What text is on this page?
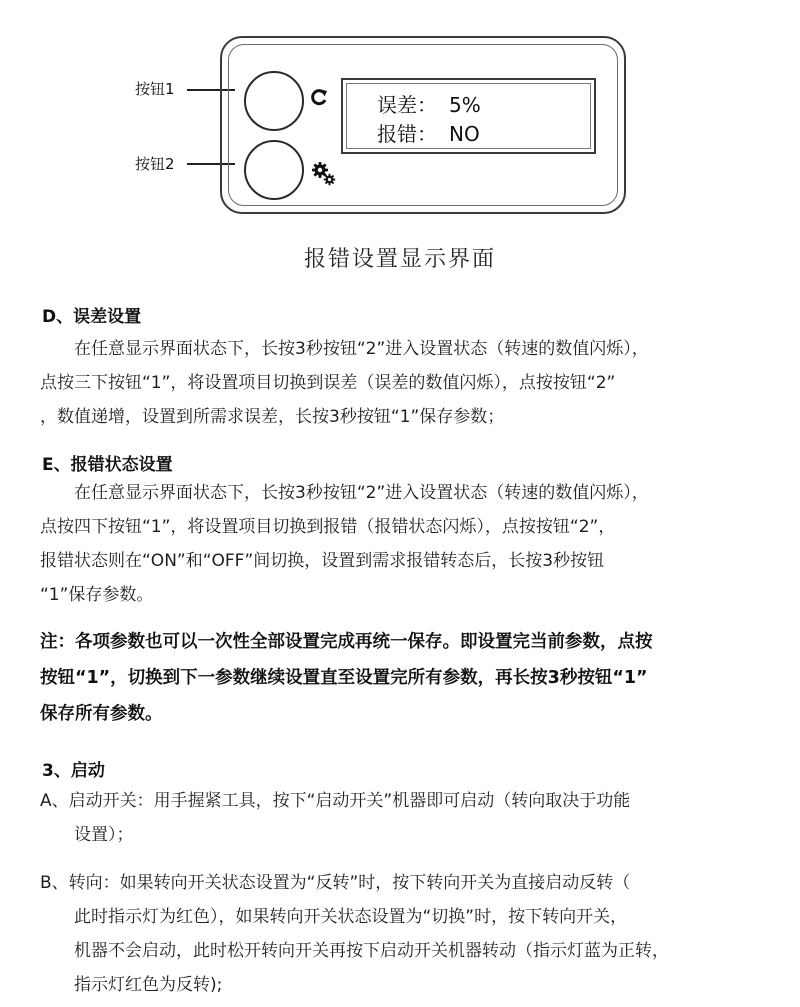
按钮1
按钮2
误差： 5%
报错： NO
报错设置显示界面
D、误差设置
　　在任意显示界面状态下，长按3秒按钮“2”进入设置状态（转速的数值闪烁），
点按三下按钮“1”，将设置项目切换到误差（误差的数值闪烁），点按按钮“2”
，数值递增，设置到所需求误差，长按3秒按钮“1”保存参数；
E、报错状态设置
　　在任意显示界面状态下，长按3秒按钮“2”进入设置状态（转速的数值闪烁），
点按四下按钮“1”，将设置项目切换到报错（报错状态闪烁），点按按钮“2”，
报错状态则在“ON”和“OFF”间切换，设置到需求报错转态后，长按3秒按钮
“1”保存参数。
注：各项参数也可以一次性全部设置完成再统一保存。即设置完当前参数，点按
按钮“1”，切换到下一参数继续设置直至设置完所有参数，再长按3秒按钮“1”
保存所有参数。
3、启动
A、启动开关：用手握紧工具，按下“启动开关”机器即可启动（转向取决于功能
　　设置）；
B、转向：如果转向开关状态设置为“反转”时，按下转向开关为直接启动反转（
　　此时指示灯为红色），如果转向开关状态设置为“切换”时，按下转向开关，
　　机器不会启动，此时松开转向开关再按下启动开关机器转动（指示灯蓝为正转，
　　指示灯红色为反转);
